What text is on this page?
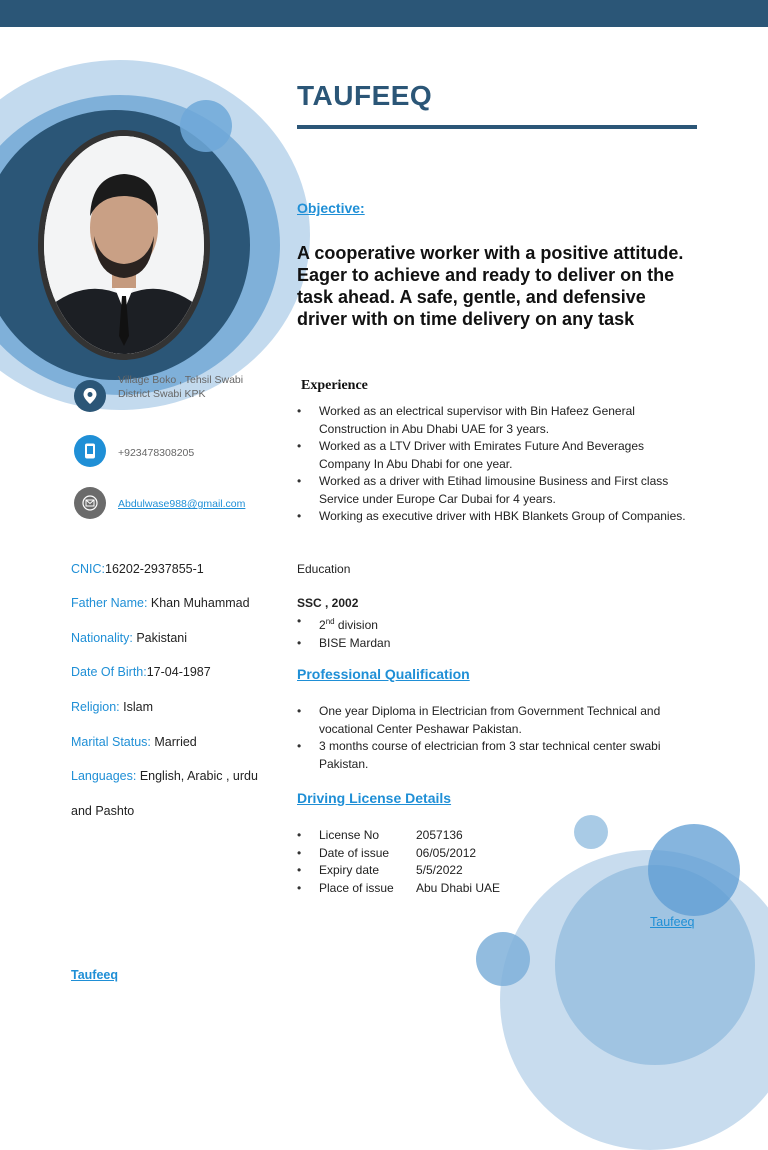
TAUFEEQ
Objective:
A cooperative worker with a positive attitude. Eager to achieve and ready to deliver on the task ahead. A safe, gentle, and defensive driver with on time delivery on any task
Village Boko , Tehsil Swabi
District Swabi KPK
+923478308205
Abdulwase988@gmail.com
CNIC:16202-2937855-1
Father Name: Khan Muhammad
Nationality: Pakistani
Date Of Birth:17-04-1987
Religion: Islam
Marital Status: Married
Languages: English, Arabic , urdu
and Pashto
Taufeeq
Experience
• Worked as an electrical supervisor with Bin Hafeez General Construction in Abu Dhabi UAE for 3 years.
• Worked as a LTV Driver with Emirates Future And Beverages Company In Abu Dhabi for one year.
• Worked as a driver with Etihad limousine Business and First class Service under Europe Car Dubai for 4 years.
• Working as executive driver with HBK Blankets Group of Companies.
Education
SSC , 2002
• 2nd division
• BISE Mardan
Professional Qualification
• One year Diploma in Electrician from Government Technical and vocational Center Peshawar Pakistan.
• 3 months course of electrician from 3 star technical center swabi Pakistan.
Driving License Details
• License No	2057136
• Date of issue	06/05/2012
• Expiry date	5/5/2022
• Place of issue	Abu Dhabi UAE
Taufeeq
